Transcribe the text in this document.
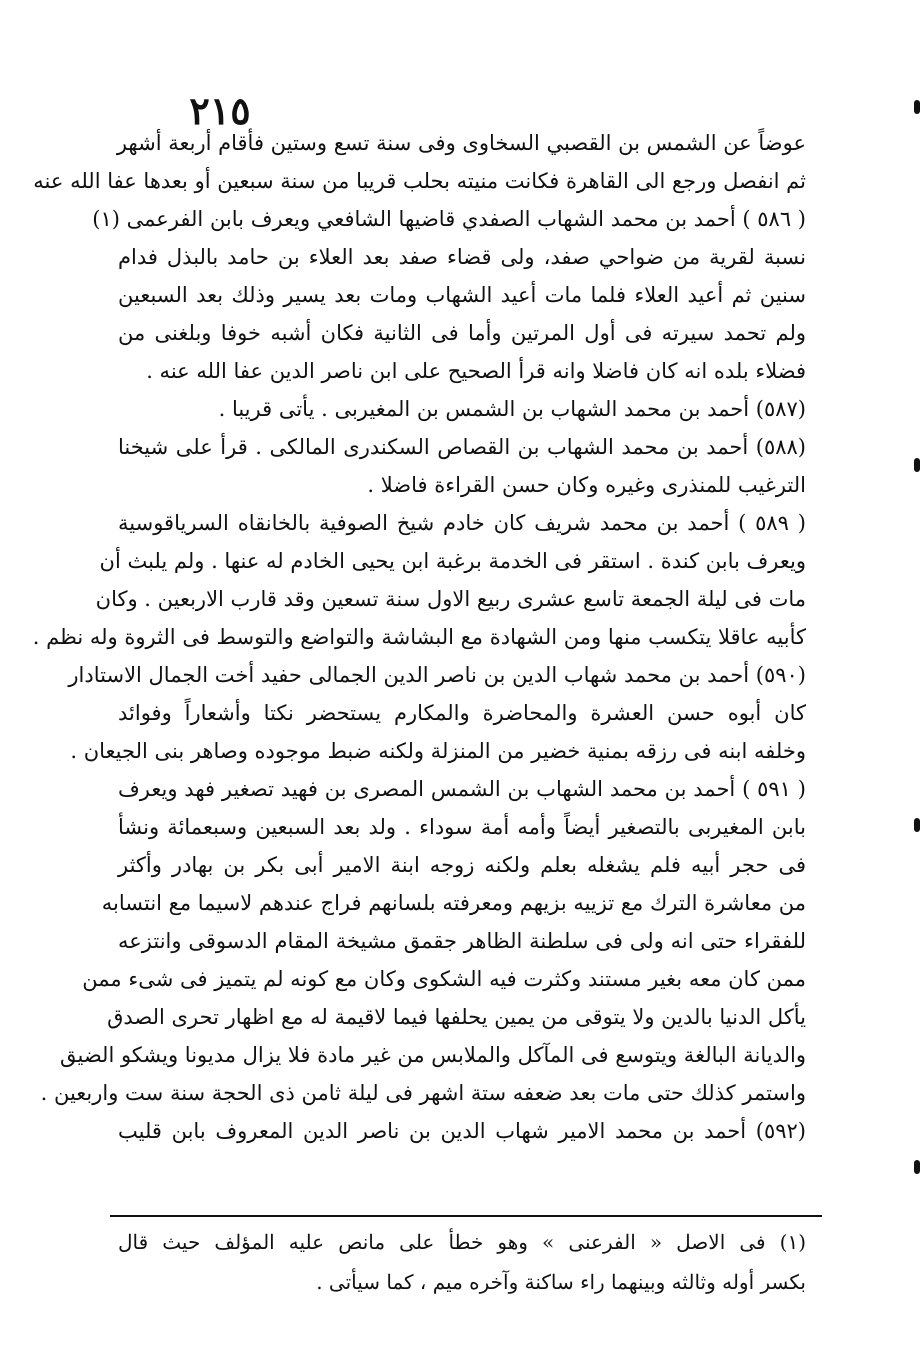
٢١٥
عوضاً عن الشمس بن القصبي السخاوى وفى سنة تسع وستين فأقام أربعة أشهر
ثم انفصل ورجع الى القاهرة فكانت منيته بحلب قريبا من سنة سبعين أو بعدها عفا الله عنه
( ٥٨٦ ) أحمد بن محمد الشهاب الصفدي قاضيها الشافعي ويعرف بابن الفرعمى (١)
نسبة لقرية من ضواحي صفد، ولى قضاء صفد بعد العلاء بن حامد بالبذل فدام
سنين ثم أعيد العلاء فلما مات أعيد الشهاب ومات بعد يسير وذلك بعد السبعين
ولم تحمد سيرته فى أول المرتين وأما فى الثانية فكان أشبه خوفا وبلغنى من
فضلاء بلده انه كان فاضلا وانه قرأ الصحيح على ابن ناصر الدين عفا الله عنه .
(٥٨٧) أحمد بن محمد الشهاب بن الشمس بن المغيربى . يأتى قريبا .
(٥٨٨) أحمد بن محمد الشهاب بن القصاص السكندرى المالكى . قرأ على شيخنا
الترغيب للمنذرى وغيره وكان حسن القراءة فاضلا .
( ٥٨٩ ) أحمد بن محمد شريف كان خادم شيخ الصوفية بالخانقاه السرياقوسية
ويعرف بابن كندة . استقر فى الخدمة برغبة ابن يحيى الخادم له عنها . ولم يلبث أن
مات فى ليلة الجمعة تاسع عشرى ربيع الاول سنة تسعين وقد قارب الاربعين . وكان
كأبيه عاقلا يتكسب منها ومن الشهادة مع البشاشة والتواضع والتوسط فى الثروة وله نظم .
(٥٩٠) أحمد بن محمد شهاب الدين بن ناصر الدين الجمالى حفيد أخت الجمال الاستادار
كان أبوه حسن العشرة والمحاضرة والمكارم يستحضر نكتا وأشعاراً وفوائد
وخلفه ابنه فى رزقه بمنية خضير من المنزلة ولكنه ضبط موجوده وصاهر بنى الجيعان .
( ٥٩١ ) أحمد بن محمد الشهاب بن الشمس المصرى بن فهيد تصغير فهد ويعرف
بابن المغيربى بالتصغير أيضاً وأمه أمة سوداء . ولد بعد السبعين وسبعمائة ونشأ
فى حجر أبيه فلم يشغله بعلم ولكنه زوجه ابنة الامير أبى بكر بن بهادر وأكثر
من معاشرة الترك مع تزييه بزيهم ومعرفته بلسانهم فراج عندهم لاسيما مع انتسابه
للفقراء حتى انه ولى فى سلطنة الظاهر جقمق مشيخة المقام الدسوقى وانتزعه
ممن كان معه بغير مستند وكثرت فيه الشكوى وكان مع كونه لم يتميز فى شىء ممن
يأكل الدنيا بالدين ولا يتوقى من يمين يحلفها فيما لاقيمة له مع اظهار تحرى الصدق
والديانة البالغة ويتوسع فى المآكل والملابس من غير مادة فلا يزال مديونا ويشكو الضيق
واستمر كذلك حتى مات بعد ضعفه ستة اشهر فى ليلة ثامن ذى الحجة سنة ست واربعين .
(٥٩٢) أحمد بن محمد الامير شهاب الدين بن ناصر الدين المعروف بابن قليب
(١) فى الاصل « الفرعنى » وهو خطأ على مانص عليه المؤلف حيث قال
بكسر أوله وثالثه وبينهما راء ساكنة وآخره ميم ، كما سيأتى .
